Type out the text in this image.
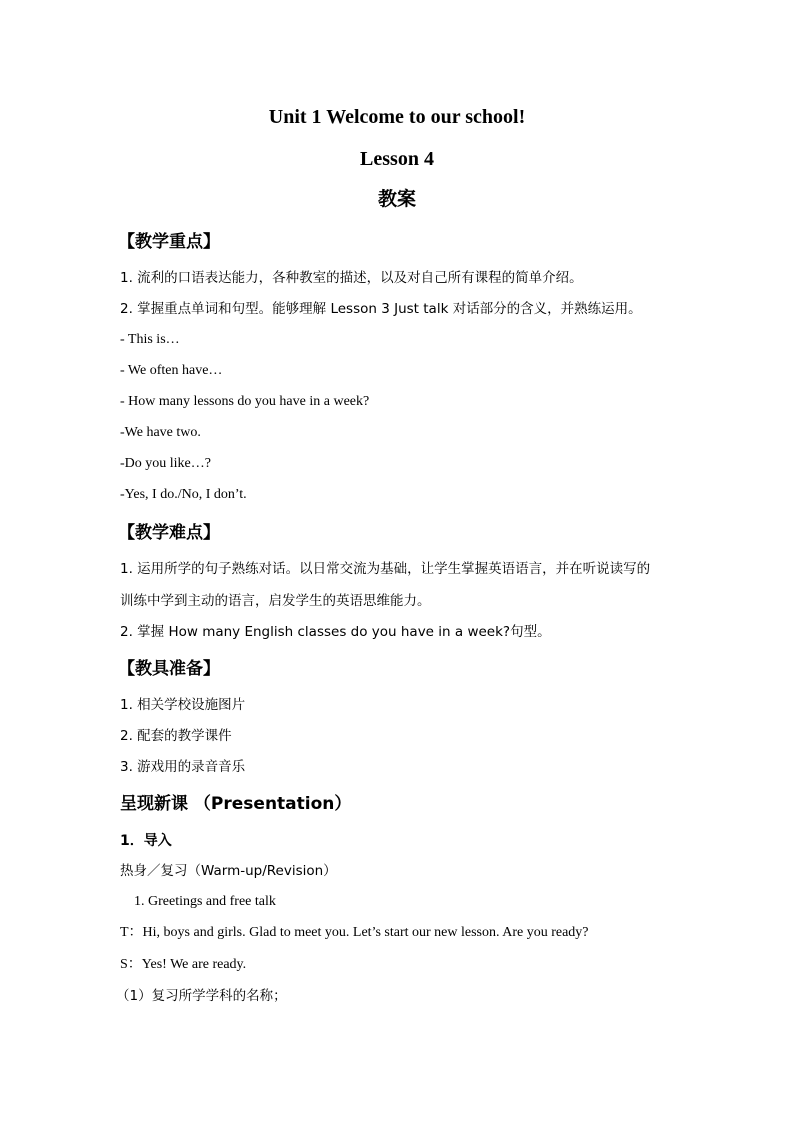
Unit 1 Welcome to our school!
Lesson 4
教案
【教学重点】
1. 流利的口语表达能力，各种教室的描述，以及对自己所有课程的简单介绍。
2. 掌握重点单词和句型。能够理解 Lesson 3 Just talk 对话部分的含义，并熟练运用。
- This is…
- We often have…
- How many lessons do you have in a week?
-We have two.
-Do you like…?
-Yes, I do./No, I don’t.
【教学难点】
1. 运用所学的句子熟练对话。以日常交流为基础，让学生掌握英语语言，并在听说读写的
训练中学到主动的语言，启发学生的英语思维能力。
2. 掌握 How many English classes do you have in a week?句型。
【教具准备】
1. 相关学校设施图片
2. 配套的教学课件
3. 游戏用的录音音乐
呈现新课 （Presentation）
1．导入
热身／复习（Warm-up/Revision）
1. Greetings and free talk
T：Hi, boys and girls. Glad to meet you. Let’s start our new lesson. Are you ready?
S：Yes! We are ready.
（1）复习所学学科的名称；
